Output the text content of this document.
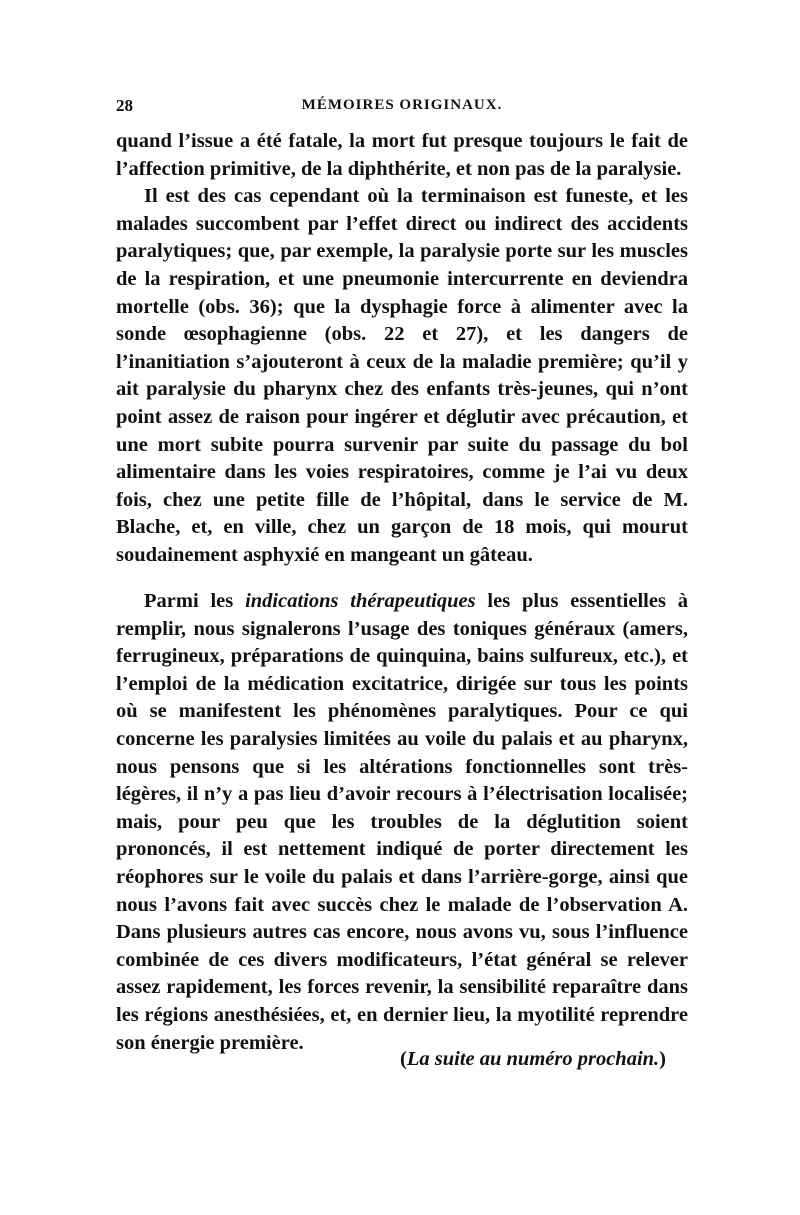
28	MÉMOIRES ORIGINAUX.

quand l’issue a été fatale, la mort fut presque toujours le fait de l’affection primitive, de la diphthérite, et non pas de la paralysie.

Il est des cas cependant où la terminaison est funeste, et les malades succombent par l’effet direct ou indirect des accidents paralytiques; que, par exemple, la paralysie porte sur les muscles de la respiration, et une pneumonie intercurrente en deviendra mortelle (obs. 36); que la dysphagie force à alimenter avec la sonde œsophagienne (obs. 22 et 27), et les dangers de l’inanitiation s’ajouteront à ceux de la maladie première; qu’il y ait paralysie du pharynx chez des enfants très-jeunes, qui n’ont point assez de raison pour ingérer et déglutir avec précaution, et une mort subite pourra survenir par suite du passage du bol alimentaire dans les voies respiratoires, comme je l’ai vu deux fois, chez une petite fille de l’hôpital, dans le service de M. Blache, et, en ville, chez un garçon de 18 mois, qui mourut soudainement asphyxié en mangeant un gâteau.

Parmi les indications thérapeutiques les plus essentielles à remplir, nous signalerons l’usage des toniques généraux (amers, ferrugineux, préparations de quinquina, bains sulfureux, etc.), et l’emploi de la médication excitatrice, dirigée sur tous les points où se manifestent les phénomènes paralytiques. Pour ce qui concerne les paralysies limitées au voile du palais et au pharynx, nous pensons que si les altérations fonctionnelles sont très-légères, il n’y a pas lieu d’avoir recours à l’électrisation localisée; mais, pour peu que les troubles de la déglutition soient prononcés, il est nettement indiqué de porter directement les réophores sur le voile du palais et dans l’arrière-gorge, ainsi que nous l’avons fait avec succès chez le malade de l’observation A. Dans plusieurs autres cas encore, nous avons vu, sous l’influence combinée de ces divers modificateurs, l’état général se relever assez rapidement, les forces revenir, la sensibilité reparaître dans les régions anesthésiées, et, en dernier lieu, la myotilité reprendre son énergie première.

(La suite au numéro prochain.)
